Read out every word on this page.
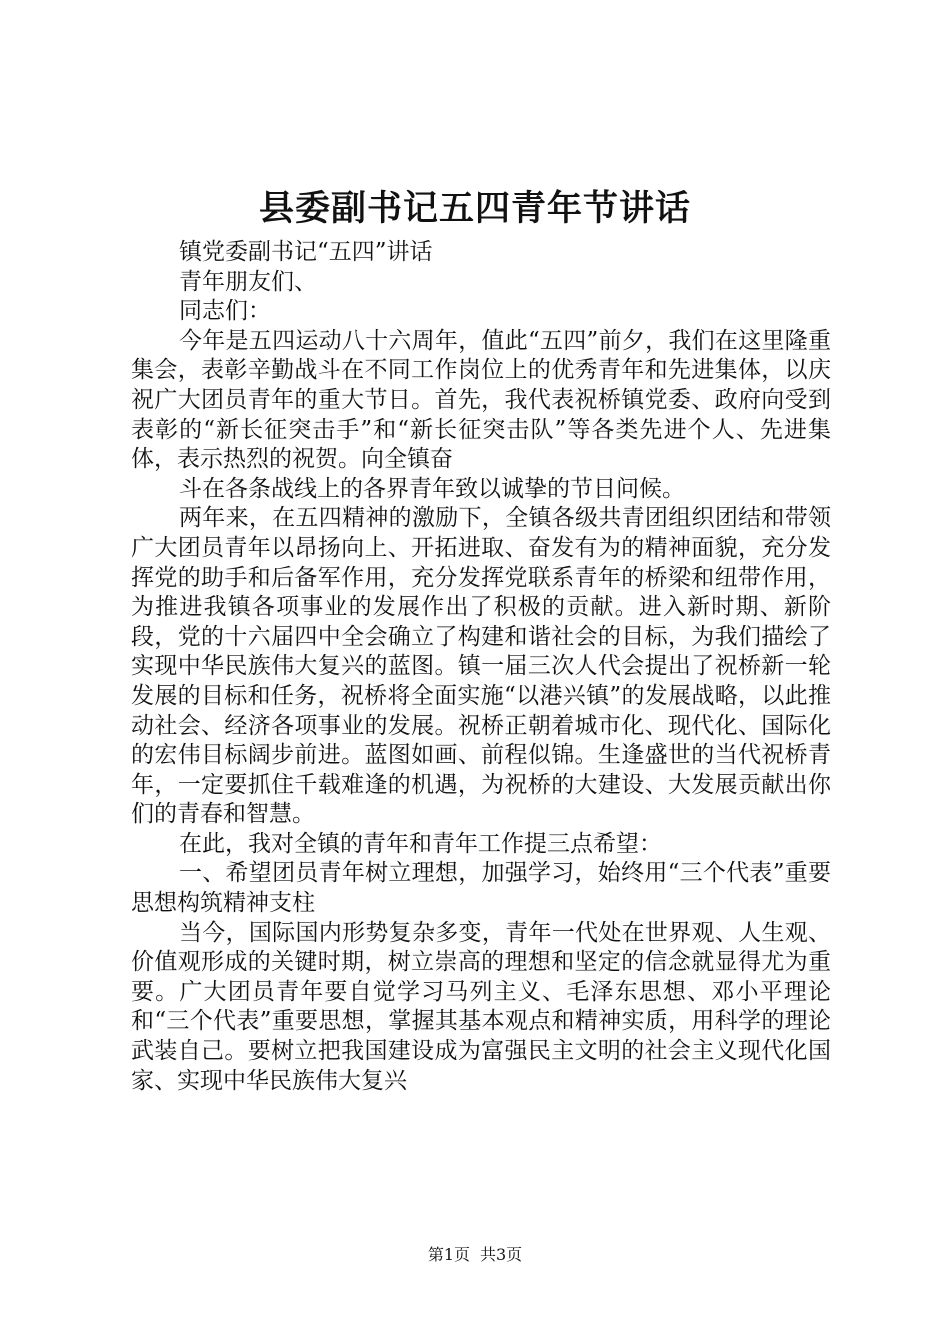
县委副书记五四青年节讲话

镇党委副书记“五四”讲话

青年朋友们、

同志们：

今年是五四运动八十六周年，值此“五四”前夕，我们在这里隆重集会，表彰辛勤战斗在不同工作岗位上的优秀青年和先进集体，以庆祝广大团员青年的重大节日。首先，我代表祝桥镇党委、政府向受到表彰的“新长征突击手”和“新长征突击队”等各类先进个人、先进集体，表示热烈的祝贺。向全镇奋

斗在各条战线上的各界青年致以诚挚的节日问候。

两年来，在五四精神的激励下，全镇各级共青团组织团结和带领广大团员青年以昂扬向上、开拓进取、奋发有为的精神面貌，充分发挥党的助手和后备军作用，充分发挥党联系青年的桥梁和纽带作用，为推进我镇各项事业的发展作出了积极的贡献。进入新时期、新阶段，党的十六届四中全会确立了构建和谐社会的目标，为我们描绘了实现中华民族伟大复兴的蓝图。镇一届三次人代会提出了祝桥新一轮发展的目标和任务，祝桥将全面实施“以港兴镇”的发展战略，以此推动社会、经济各项事业的发展。祝桥正朝着城市化、现代化、国际化的宏伟目标阔步前进。蓝图如画、前程似锦。生逢盛世的当代祝桥青年，一定要抓住千载难逢的机遇，为祝桥的大建设、大发展贡献出你们的青春和智慧。

在此，我对全镇的青年和青年工作提三点希望：

一、希望团员青年树立理想，加强学习，始终用“三个代表”重要思想构筑精神支柱

当今，国际国内形势复杂多变，青年一代处在世界观、人生观、价值观形成的关键时期，树立崇高的理想和坚定的信念就显得尤为重要。广大团员青年要自觉学习马列主义、毛泽东思想、邓小平理论和“三个代表”重要思想，掌握其基本观点和精神实质，用科学的理论武装自己。要树立把我国建设成为富强民主文明的社会主义现代化国家、实现中华民族伟大复兴

第1页 共3页
